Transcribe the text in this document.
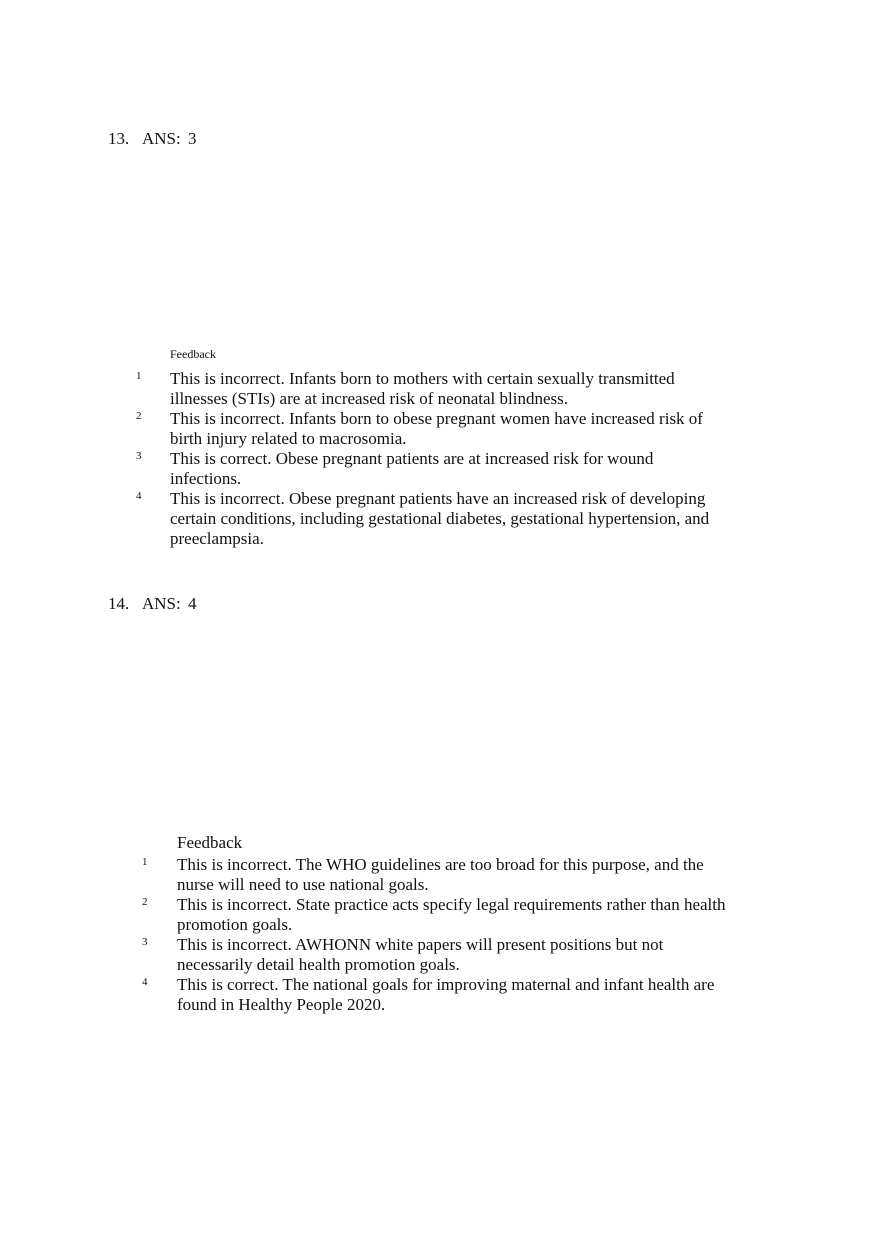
13. ANS: 3
Feedback
1 This is incorrect. Infants born to mothers with certain sexually transmitted illnesses (STIs) are at increased risk of neonatal blindness.
2 This is incorrect. Infants born to obese pregnant women have increased risk of birth injury related to macrosomia.
3 This is correct. Obese pregnant patients are at increased risk for wound infections.
4 This is incorrect. Obese pregnant patients have an increased risk of developing certain conditions, including gestational diabetes, gestational hypertension, and preeclampsia.
14. ANS: 4
Feedback
1 This is incorrect. The WHO guidelines are too broad for this purpose, and the nurse will need to use national goals.
2 This is incorrect. State practice acts specify legal requirements rather than health promotion goals.
3 This is incorrect. AWHONN white papers will present positions but not necessarily detail health promotion goals.
4 This is correct. The national goals for improving maternal and infant health are found in Healthy People 2020.
